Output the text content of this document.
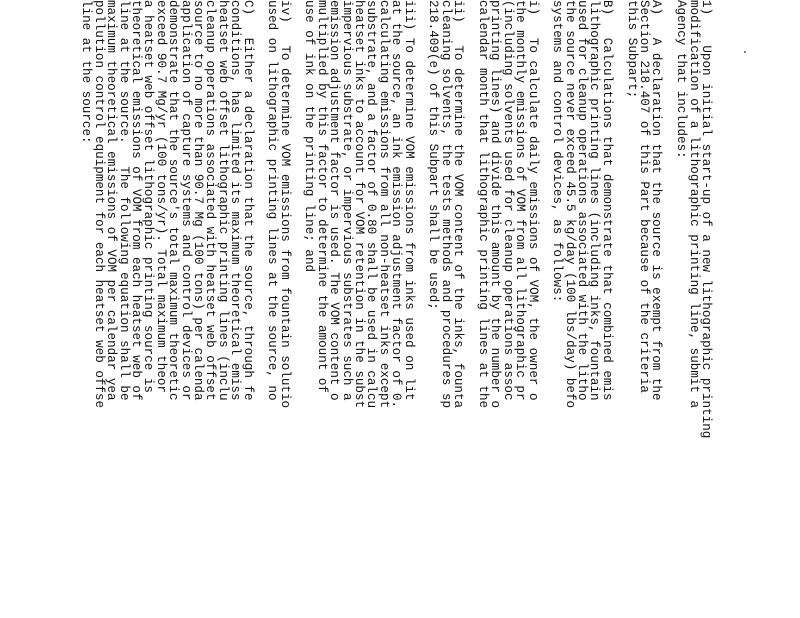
1)    Upon initial start-up of a new lithographic printing
modification of a lithographic printing line, submit a
Agency that includes:
A)   A declaration that the source is exempt from the
Section 218.407 of this Part because of the criteria
this Subpart;
B)   Calculations that demonstrate that combined emis
lithographic printing lines (including inks, fountain
used for cleanup operations associated with the litho
the source never exceed 45.5 kg/day (100 lbs/day) befo
systems and control devices, as follows:
i)   To calculate daily emissions of VOM, the owner o
the monthly emissions of VOM from all lithographic pr
(including solvents used for cleanup operations assoc
printing lines) and divide this amount by the number o
calendar month that lithographic printing lines at the
ii)   To determine the VOM content of the inks, founta
cleaning solvents, the tests methods and procedures sp
218.409(e) of this Subpart shall be used;
iii) To determine VOM emissions from inks used on lit
at the source, an ink emission adjustment factor of 0.
calculating emissions from all non-heatset inks except
substrate, and a factor of 0.80 shall be used in calcu
heatset inks to account for VOM retention in the subst
impervious substrate, or impervious substrates such a
emission adjustment factor is used. The VOM content o
multiplied by this factor to determine the amount of
use of ink on the printing line; and
iv)   To determine VOM emissions from fountain solutio
used on lithographic printing lines at the source, no
C)   Either a declaration that the source, through fe
conditions, has limited its maximum theoretical emiss
heatset web offset lithographic printing lines (inclu
cleanup operations associated with heatset web offset
source to no more than 90.7 Mg (100 tons) per calenda
application of capture systems and control devices or
demonstrate that the source's total maximum theoretic
exceed 90.7 Mg/yr (100 tons/yr). Total maximum theor
a heatset web offset lithographic printing source is
theoretical emissions of VOM from each heatset web of
line at the source.   The following equation shall be
maximum theoretical emissions of VOM per calendar yea
pollution control equipment for each heatset web offse
line at the source:
